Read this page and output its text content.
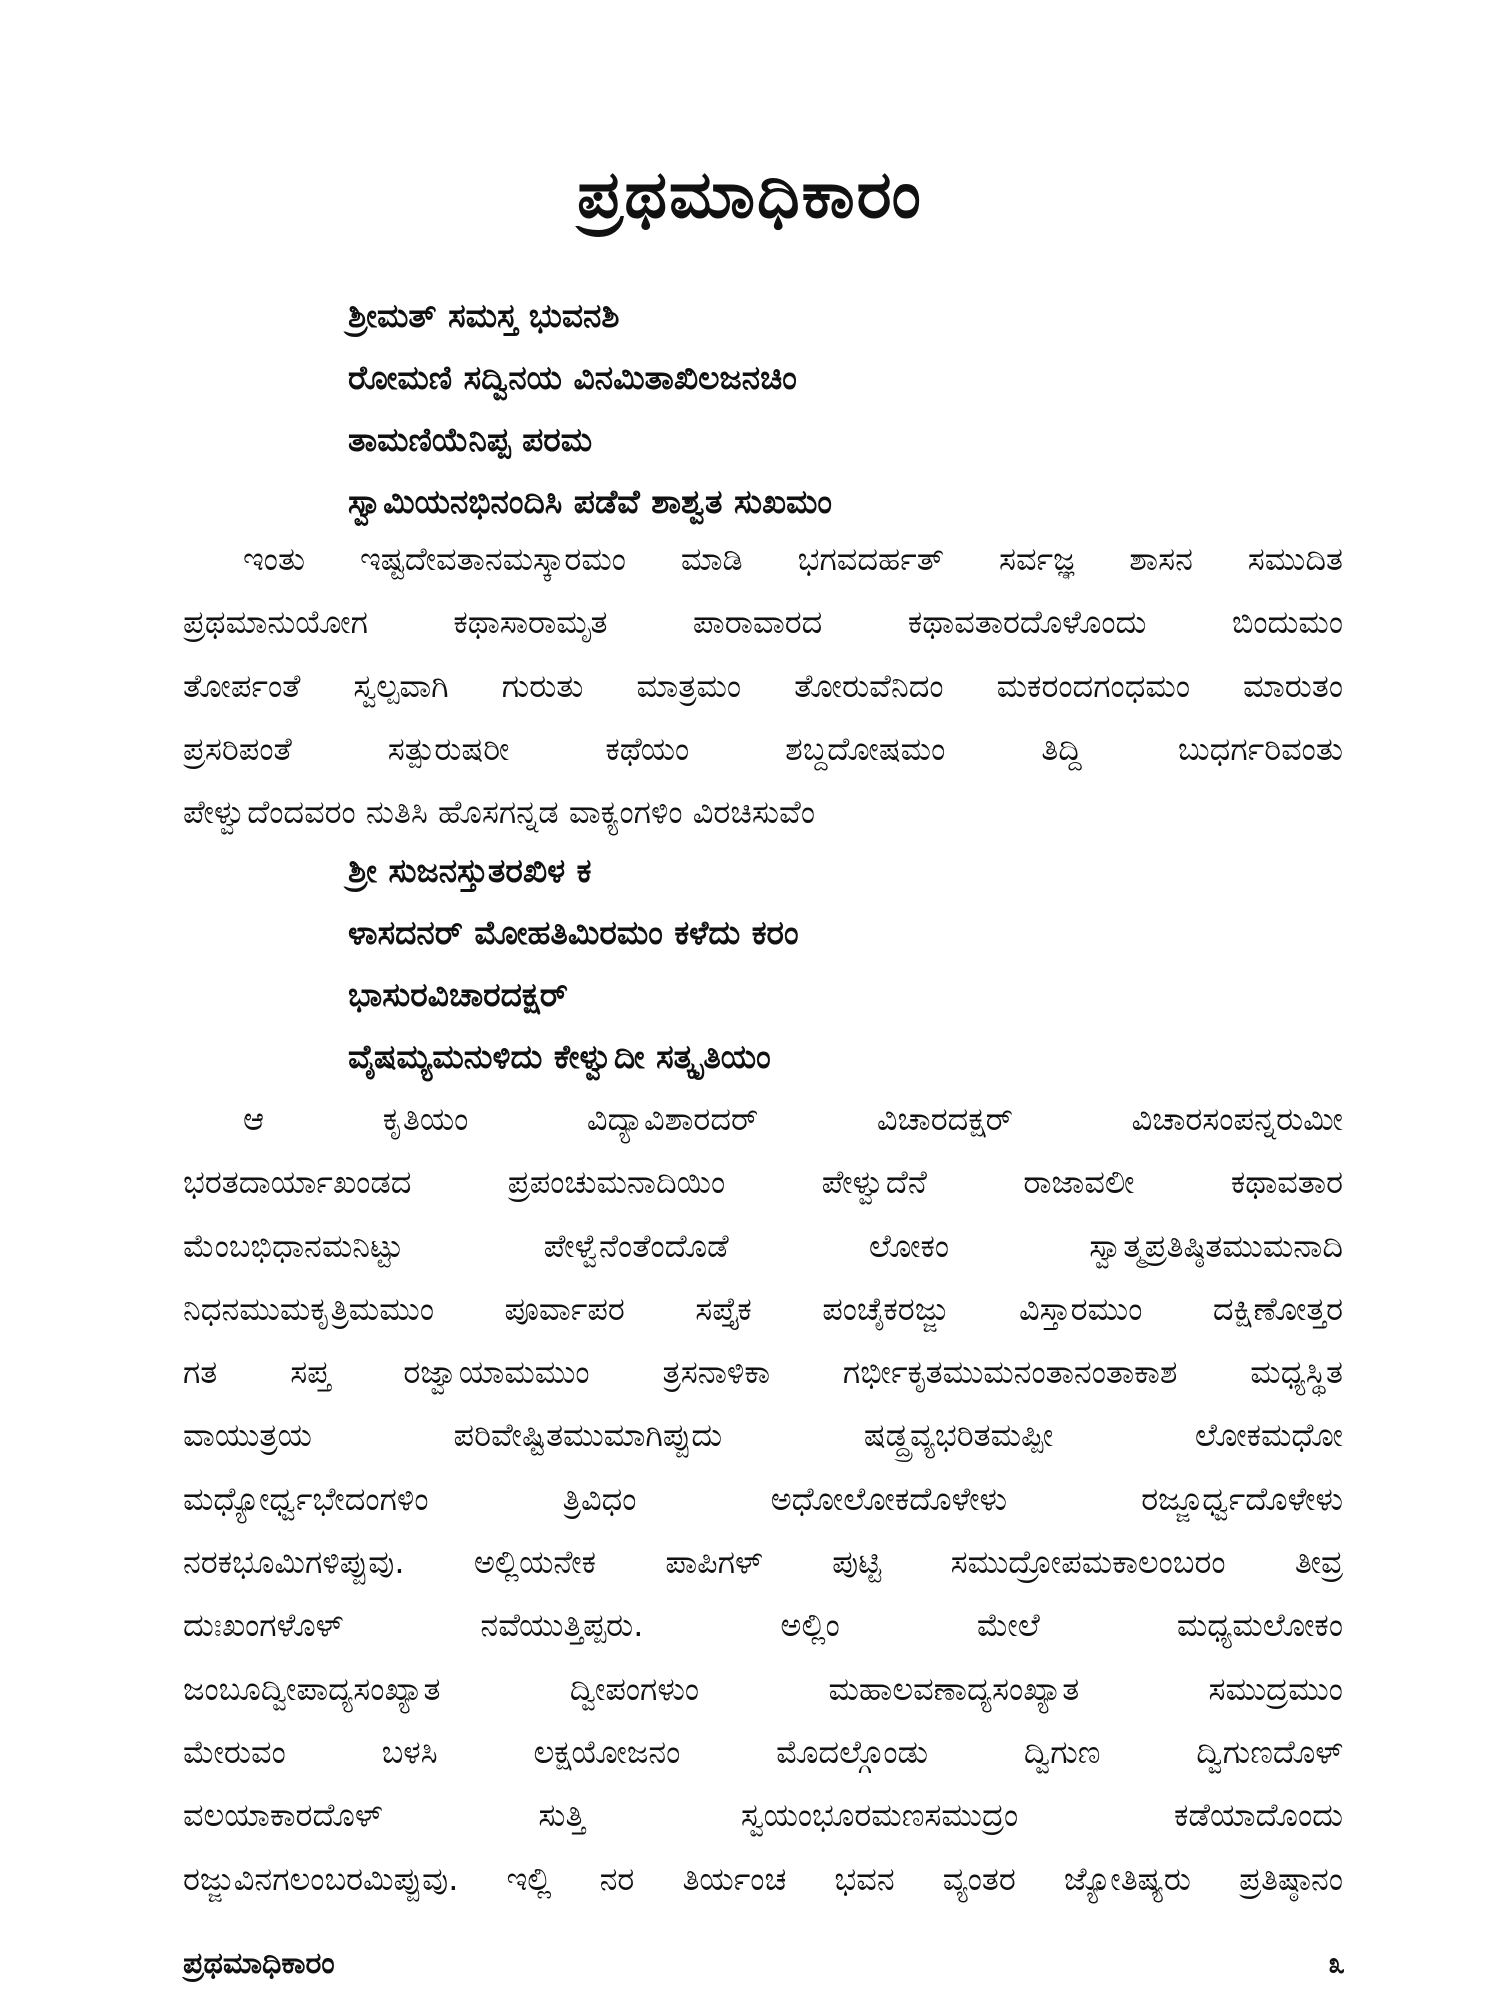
ಪ್ರಥಮಾಧಿಕಾರಂ
ಶ್ರೀಮತ್ ಸಮಸ್ತ ಭುವನಶಿ
ರೋಮಣಿ ಸದ್ವಿನಯ ವಿನಮಿತಾಖಿಲಜನಚಿಂ
ತಾಮಣಿಯೆನಿಪ್ಪ ಪರಮ
ಸ್ವಾಮಿಯನಭಿನಂದಿಸಿ ಪಡೆವೆ ಶಾಶ್ವತ ಸುಖಮಂ
ಇಂತು ಇಷ್ಟದೇವತಾನಮಸ್ಕಾರಮಂ ಮಾಡಿ ಭಗವದರ್ಹತ್ ಸರ್ವಜ್ಞ ಶಾಸನ ಸಮುದಿತ
ಪ್ರಥಮಾನುಯೋಗ ಕಥಾಸಾರಾಮೃತ ಪಾರಾವಾರದ ಕಥಾವತಾರದೊಳೊಂದು ಬಿಂದುಮಂ
ತೋರ್ಪಂತೆ ಸ್ವಲ್ಪವಾಗಿ ಗುರುತು ಮಾತ್ರಮಂ ತೋರುವೆನಿದಂ ಮಕರಂದಗಂಧಮಂ ಮಾರುತಂ
ಪ್ರಸರಿಪಂತೆ ಸತ್ಪುರುಷರೀ ಕಥೆಯಂ ಶಬ್ದದೋಷಮಂ ತಿದ್ದಿ ಬುಧರ್ಗರಿವಂತು
ಪೇಳ್ವುದೆಂದವರಂ ನುತಿಸಿ ಹೊಸಗನ್ನಡ ವಾಕ್ಯಂಗಳಿಂ ವಿರಚಿಸುವೆಂ
ಶ್ರೀ ಸುಜನಸ್ತುತರಖಿಳ ಕ
ಳಾಸದನರ್ ಮೋಹತಿಮಿರಮಂ ಕಳೆದು ಕರಂ
ಭಾಸುರವಿಚಾರದಕ್ಷರ್
ವೈಷಮ್ಯಮನುಳಿದು ಕೇಳ್ವುದೀ ಸತ್ಕೃತಿಯಂ
ಆ ಕೃತಿಯಂ ವಿದ್ಯಾವಿಶಾರದರ್ ವಿಚಾರದಕ್ಷರ್ ವಿಚಾರಸಂಪನ್ನರುಮೀ
ಭರತದಾರ್ಯಾಖಂಡದ ಪ್ರಪಂಚುಮನಾದಿಯಿಂ ಪೇಳ್ವುದೆನೆ ರಾಜಾವಲೀ ಕಥಾವತಾರ
ಮೆಂಬಭಿಧಾನಮನಿಟ್ಟು ಪೇಳ್ವೆನೆಂತೆಂದೊಡೆ ಲೋಕಂ ಸ್ವಾತ್ಮಪ್ರತಿಷ್ಠಿತಮುಮನಾದಿ
ನಿಧನಮುಮಕೃತ್ರಿಮಮುಂ ಪೂರ್ವಾಪರ ಸಪ್ತೈಕ ಪಂಚೈಕರಜ್ಜು ವಿಸ್ತಾರಮುಂ ದಕ್ಷಿಣೋತ್ತರ
ಗತ ಸಪ್ತ ರಜ್ವಾಯಾಮಮುಂ ತ್ರಸನಾಳಿಕಾ ಗರ್ಭೀಕೃತಮುಮನಂತಾನಂತಾಕಾಶ ಮಧ್ಯಸ್ಥಿತ
ವಾಯುತ್ರಯ ಪರಿವೇಷ್ಟಿತಮುಮಾಗಿಪ್ಪುದು ಷಡ್ದ್ರವ್ಯಭರಿತಮಪ್ಪೀ ಲೋಕಮಧೋ
ಮಧ್ಯೋರ್ಧ್ವಭೇದಂಗಳಿಂ ತ್ರಿವಿಧಂ ಅಧೋಲೋಕದೊಳೇಳು ರಜ್ಜೂರ್ಧ್ವದೊಳೇಳು
ನರಕಭೂಮಿಗಳಿಪ್ಪುವು. ಅಲ್ಲಿಯನೇಕ ಪಾಪಿಗಳ್ ಪುಟ್ಟಿ ಸಮುದ್ರೋಪಮಕಾಲಂಬರಂ ತೀವ್ರ
ದುಃಖಂಗಳೊಳ್ ನವೆಯುತ್ತಿಪ್ಪರು. ಅಲ್ಲಿಂ ಮೇಲೆ ಮಧ್ಯಮಲೋಕಂ
ಜಂಬೂದ್ವೀಪಾದ್ಯಸಂಖ್ಯಾತ ದ್ವೀಪಂಗಳುಂ ಮಹಾಲವಣಾದ್ಯಸಂಖ್ಯಾತ ಸಮುದ್ರಮುಂ
ಮೇರುವಂ ಬಳಸಿ ಲಕ್ಷಯೋಜನಂ ಮೊದಲ್ಗೊಂಡು ದ್ವಿಗುಣ ದ್ವಿಗುಣದೊಳ್
ವಲಯಾಕಾರದೊಳ್ ಸುತ್ತಿ ಸ್ವಯಂಭೂರಮಣಸಮುದ್ರಂ ಕಡೆಯಾದೊಂದು
ರಜ್ಜುವಿನಗಲಂಬರಮಿಪ್ಪುವು. ಇಲ್ಲಿ ನರ ತಿರ್ಯಂಚ ಭವನ ವ್ಯಂತರ ಜ್ಯೋತಿಷ್ಯರು ಪ್ರತಿಷ್ಠಾನಂ
ಪ್ರಥಮಾಧಿಕಾರಂ	೩
